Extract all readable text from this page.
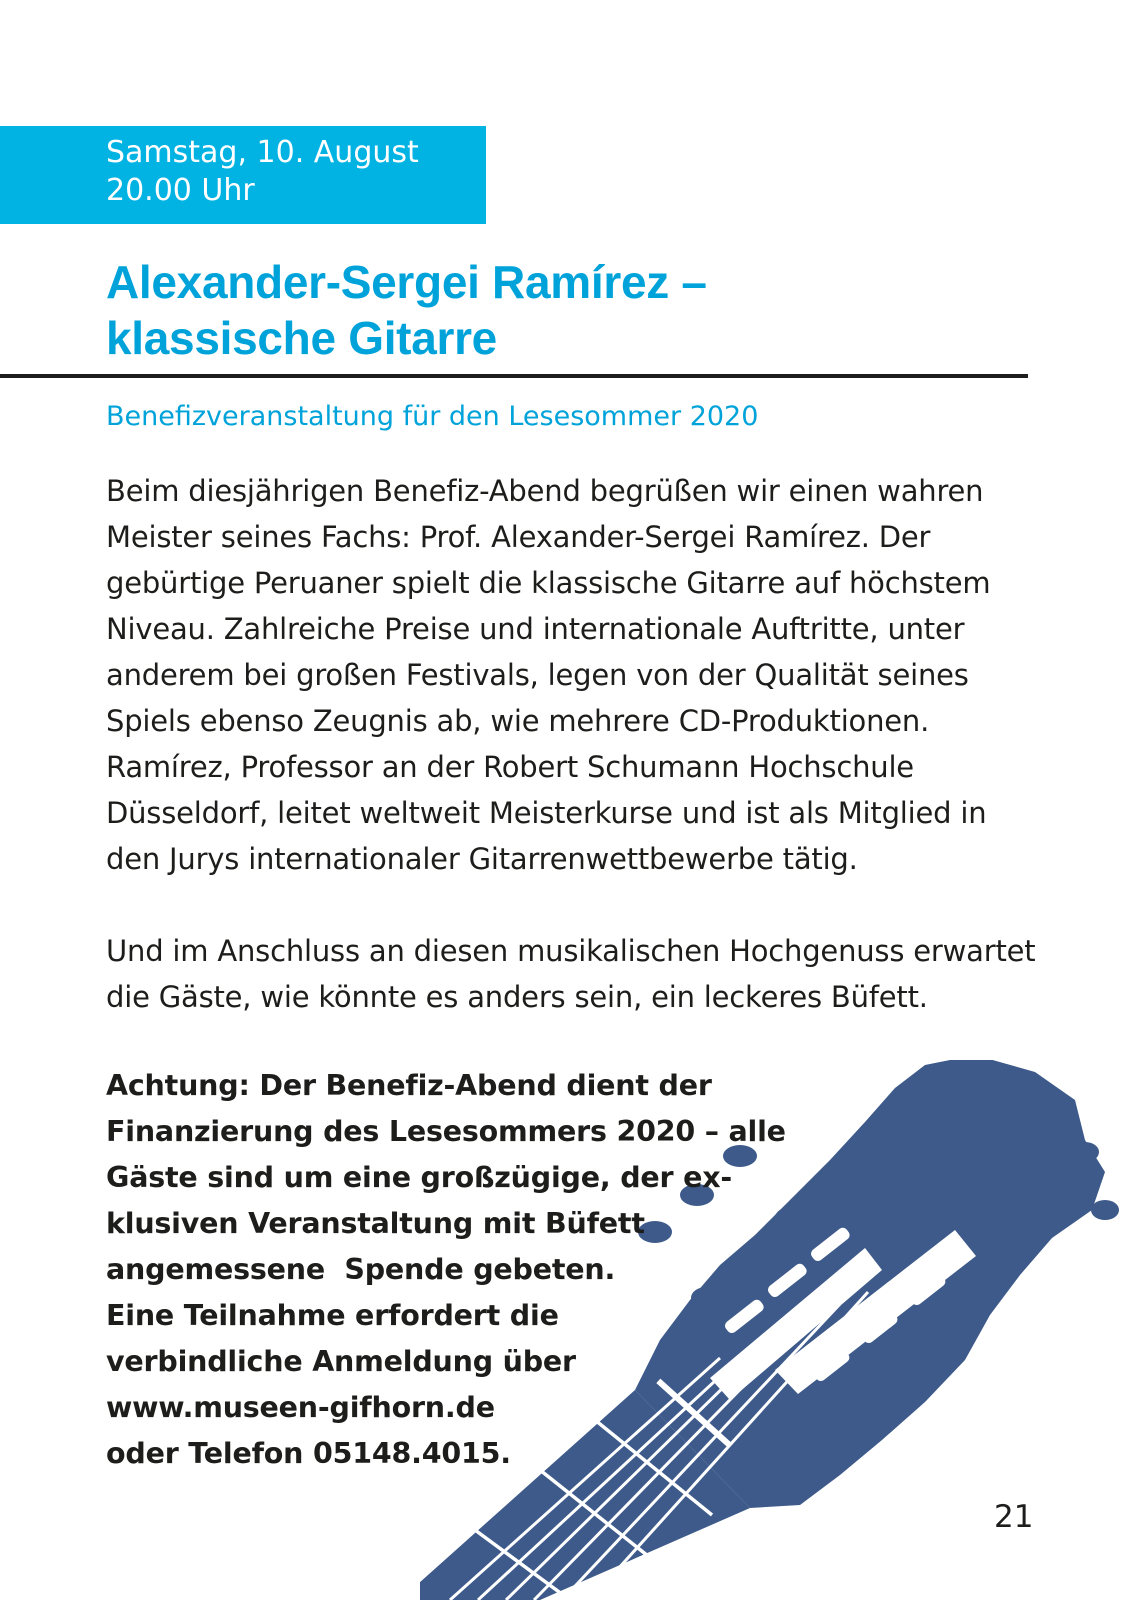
Samstag, 10. August
20.00 Uhr
Alexander-Sergei Ramírez –
klassische Gitarre
Benefizveranstaltung für den Lesesommer 2020
Beim diesjährigen Benefiz-Abend begrüßen wir einen wahren
Meister seines Fachs: Prof. Alexander-Sergei Ramírez. Der
gebürtige Peruaner spielt die klassische Gitarre auf höchstem
Niveau. Zahlreiche Preise und internationale Auftritte, unter
anderem bei großen Festivals, legen von der Qualität seines
Spiels ebenso Zeugnis ab, wie mehrere CD-Produktionen.
Ramírez, Professor an der Robert Schumann Hochschule
Düsseldorf, leitet weltweit Meisterkurse und ist als Mitglied in
den Jurys internationaler Gitarrenwettbewerbe tätig.
Und im Anschluss an diesen musikalischen Hochgenuss erwartet
die Gäste, wie könnte es anders sein, ein leckeres Büfett.
Achtung: Der Benefiz-Abend dient der
Finanzierung des Lesesommers 2020 – alle
Gäste sind um eine großzügige, der ex-
klusiven Veranstaltung mit Büfett
angemessene  Spende gebeten.
Eine Teilnahme erfordert die
verbindliche Anmeldung über
www.museen-gifhorn.de
oder Telefon 05148.4015.
21
